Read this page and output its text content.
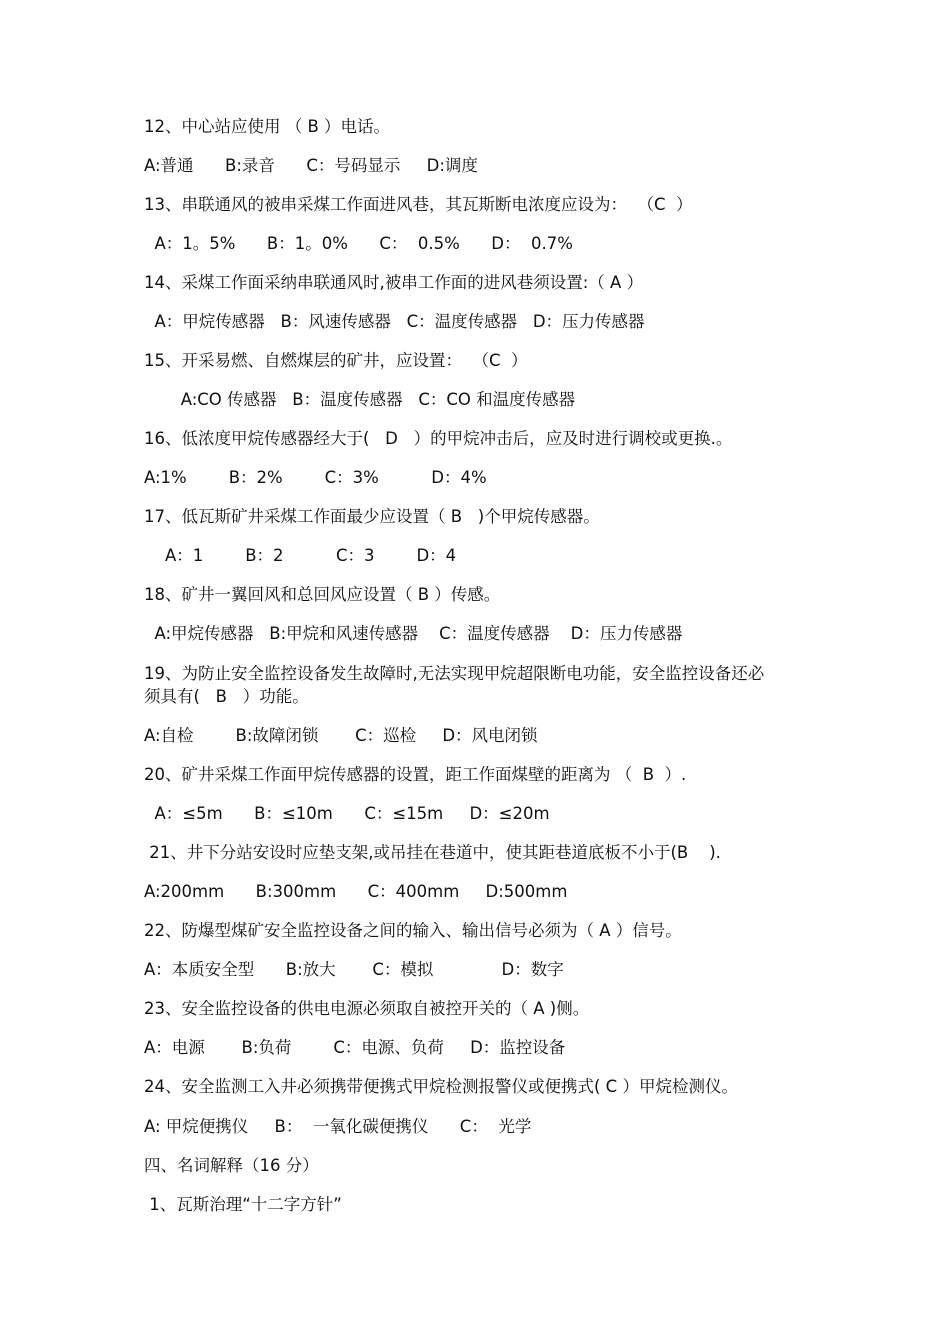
12、中心站应使用 （ B ）电话。
A:普通      B:录音      C：号码显示     D:调度
13、串联通风的被串采煤工作面进风巷，其瓦斯断电浓度应设为：  （C  ）
A：1。5%      B：1。0%      C：  0.5%      D：  0.7%
14、采煤工作面采纳串联通风时,被串工作面的进风巷须设置:（ A ）
A：甲烷传感器   B：风速传感器   C：温度传感器   D：压力传感器
15、开采易燃、自燃煤层的矿井，应设置：  （C  ）
A:CO 传感器   B：温度传感器   C：CO 和温度传感器
16、低浓度甲烷传感器经大于(   D   ）的甲烷冲击后，应及时进行调校或更换.。
A:1%        B：2%        C：3%          D：4%
17、低瓦斯矿井采煤工作面最少应设置（ B   )个甲烷传感器。
A：1        B：2          C：3        D：4
18、矿井一翼回风和总回风应设置（ B ）传感。
A:甲烷传感器   B:甲烷和风速传感器    C：温度传感器    D：压力传感器
19、为防止安全监控设备发生故障时,无法实现甲烷超限断电功能，安全监控设备还必
须具有(   B   ）功能。
A:自检        B:故障闭锁       C：巡检     D：风电闭锁
20、矿井采煤工作面甲烷传感器的设置，距工作面煤壁的距离为 （  B  ）.
A：≤5m      B：≤10m      C：≤15m     D：≤20m
21、井下分站安设时应垫支架,或吊挂在巷道中，使其距巷道底板不小于(B    ).
A:200mm      B:300mm      C：400mm     D:500mm
22、防爆型煤矿安全监控设备之间的输入、输出信号必须为（ A ）信号。
A：本质安全型      B:放大       C：模拟             D：数字
23、安全监控设备的供电电源必须取自被控开关的（ A )侧。
A：电源       B:负荷        C：电源、负荷     D：监控设备
24、安全监测工入井必须携带便携式甲烷检测报警仪或便携式( C ）甲烷检测仪。
A: 甲烷便携仪     B：  一氧化碳便携仪      C：  光学
四、名词解释（16 分）
1、瓦斯治理“十二字方针”
